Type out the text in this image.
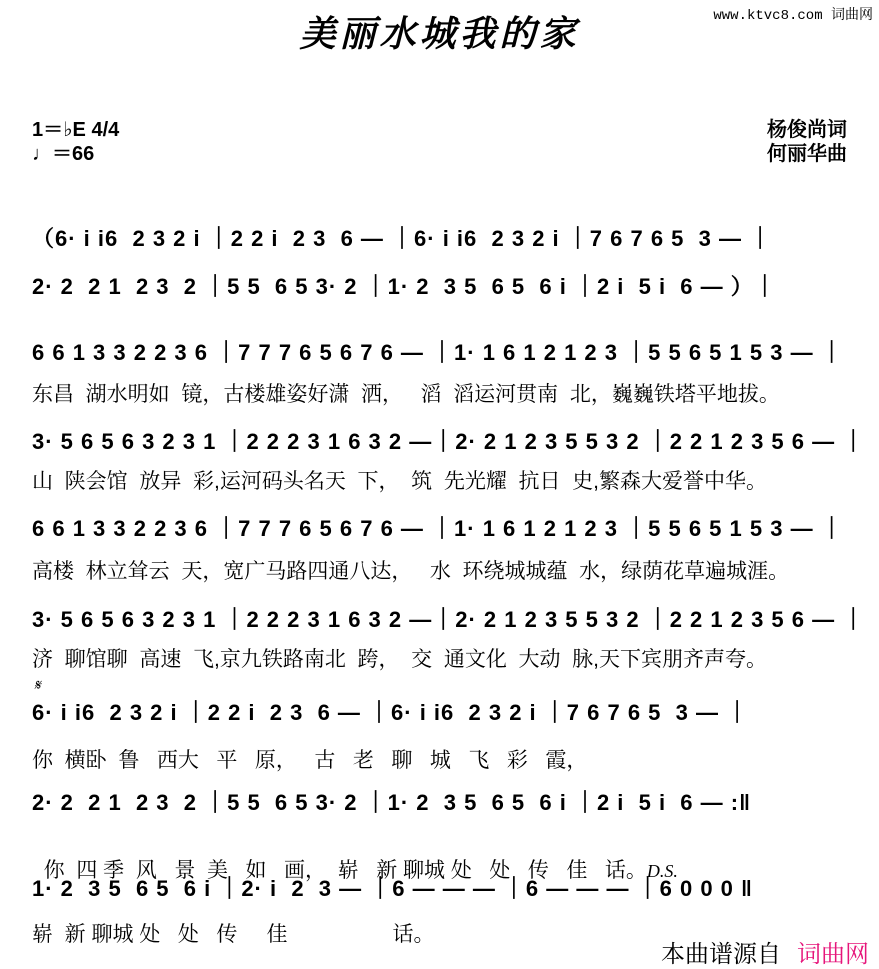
美丽水城我的家	www.ktvc8.com 词曲网
1＝♭E 4/4
♩＝66
杨俊尚词
何丽华曲
（6· i i6  2 3 2 i ｜2 2 i  2 3  6 — ｜6· i i6  2 3 2 i ｜7 6 7 6 5  3 — ｜
2· 2  2 1  2 3  2 ｜5 5  6 5 3· 2 ｜1· 2  3 5  6 5  6 i ｜2 i  5 i  6 — ）｜
6 6 1 3 3 2 2 3 6 ｜7 7 7 6 5 6 7 6 — ｜1· 1 6 1 2 1 2 3 ｜5 5 6 5 1 5 3 — ｜
东昌  湖水明如  镜，古楼雄姿好潇  洒，   滔  滔运河贯南  北，巍巍铁塔平地拔。
3· 5 6 5 6 3 2 3 1 ｜2 2 2 3 1 6 3 2 —｜2· 2 1 2 3 5 5 3 2 ｜2 2 1 2 3 5 6 — ｜
山  陕会馆  放异  彩,运河码头名天  下，  筑  先光耀  抗日  史,繁森大爱誉中华。
6 6 1 3 3 2 2 3 6 ｜7 7 7 6 5 6 7 6 — ｜1· 1 6 1 2 1 2 3 ｜5 5 6 5 1 5 3 — ｜
高楼  林立耸云  天，宽广马路四通八达，   水  环绕城城蕴  水，绿荫花草遍城涯。
3· 5 6 5 6 3 2 3 1 ｜2 2 2 3 1 6 3 2 —｜2· 2 1 2 3 5 5 3 2 ｜2 2 1 2 3 5 6 — ｜
济  聊馆聊  高速  飞,京九铁路南北  跨，  交  通文化  大动  脉,天下宾朋齐声夸。
𝄋
6· i i6  2 3 2 i ｜2 2 i  2 3  6 — ｜6· i i6  2 3 2 i ｜7 6 7 6 5  3 — ｜
你  横卧  鲁   西大   平   原，   古   老   聊   城   飞   彩   霞，
2· 2  2 1  2 3  2 ｜5 5  6 5 3· 2 ｜1· 2  3 5  6 5  6 i ｜2 i  5 i  6 — :‖

你  四 季  风   景  美   如   画，  崭   新 聊城 处   处   传   佳   话。D.S.

1· 2  3 5  6 5  6 i ｜2· i  2  3 — ｜6 — — — ｜6 — — — ｜6 0 0 0 ‖
崭  新 聊城 处   处   传     佳                  话。
本曲谱源自 词曲网
